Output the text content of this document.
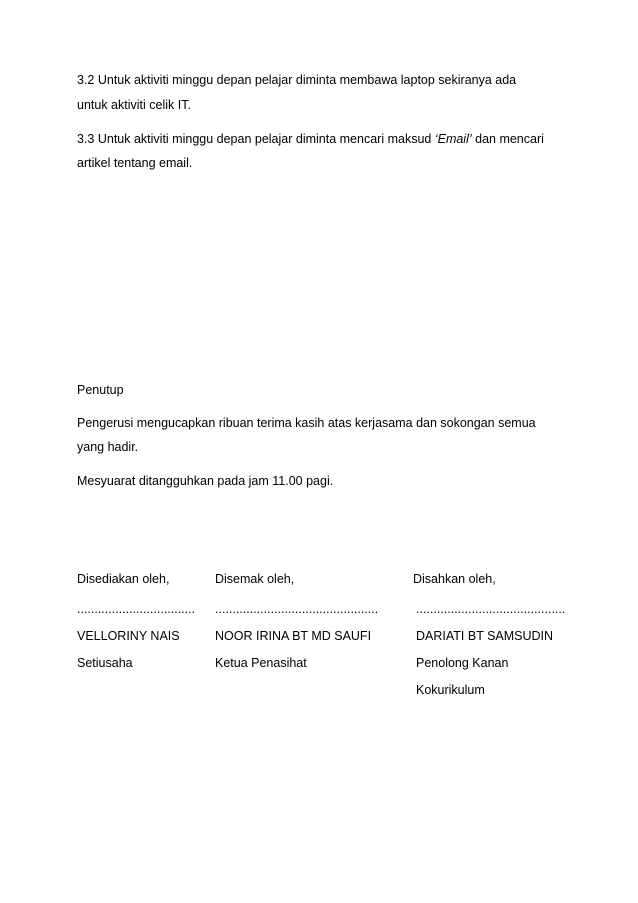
3.2 Untuk aktiviti minggu depan pelajar diminta membawa laptop sekiranya ada
untuk aktiviti celik IT.
3.3 Untuk aktiviti minggu depan pelajar diminta mencari maksud ‘Email’ dan mencari
artikel tentang email.
Penutup
Pengerusi mengucapkan ribuan terima kasih atas kerjasama dan sokongan semua
yang hadir.
Mesyuarat ditangguhkan pada jam 11.00 pagi.
Disediakan oleh,	Disemak oleh,	Disahkan oleh,
.................................. ...............................................	...........................................
VELLORINY NAIS	NOOR IRINA BT MD SAUFI	DARIATI BT SAMSUDIN
Setiusaha	Ketua Penasihat	Penolong Kanan
Kokurikulum
